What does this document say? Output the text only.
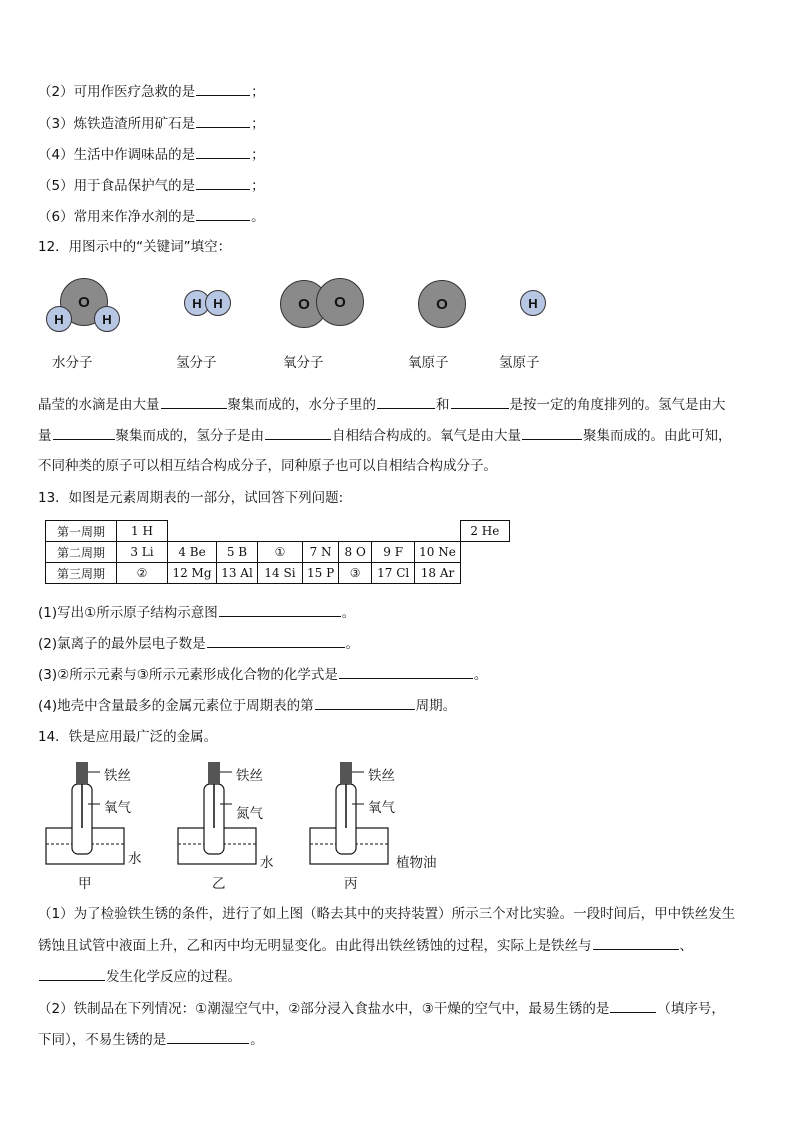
（2）可用作医疗急救的是	；
（3）炼铁造渣所用矿石是	；
（4）生活中作调味品的是	；
（5）用于食品保护气的是	；
（6）常用来作净水剂的是	。
12．用图示中的“关键词”填空：
O
H	H
H H	O O	O	H
水分子	氢分子	氧分子	氧原子	氢原子
晶莹的水滴是由大量	聚集而成的，水分子里的	和	是按一定的角度排列的。氢气是由大
量	聚集而成的，氢分子是由	自相结合构成的。氧气是由大量	聚集而成的。由此可知，
不同种类的原子可以相互结合构成分子，同种原子也可以自相结合构成分子。
13．如图是元素周期表的一部分，试回答下列问题:
第一周期	1 H								2 He
第二周期	3 Li	4 Be	5 B	①	7 N	8 O	9 F	10 Ne	
第三周期	②	12 Mg	13 Al	14 Si	15 P	③	17 Cl	18 Ar	
(1)写出①所示原子结构示意图	。
(2)氯离子的最外层电子数是	。
(3)②所示元素与③所示元素形成化合物的化学式是	。
(4)地壳中含量最多的金属元素位于周期表的第	周期。
14．铁是应用最广泛的金属。
铁丝
氧气
水
甲
铁丝
氮气
水
乙
铁丝
氧气
植物油
丙
（1）为了检验铁生锈的条件，进行了如上图（略去其中的夹持装置）所示三个对比实验。一段时间后，甲中铁丝发生
锈蚀且试管中液面上升，乙和丙中均无明显变化。由此得出铁丝锈蚀的过程，实际上是铁丝与	、
发生化学反应的过程。
（2）铁制品在下列情况：①潮湿空气中，②部分浸入食盐水中，③干燥的空气中，最易生锈的是	（填序号，
下同），不易生锈的是	。
